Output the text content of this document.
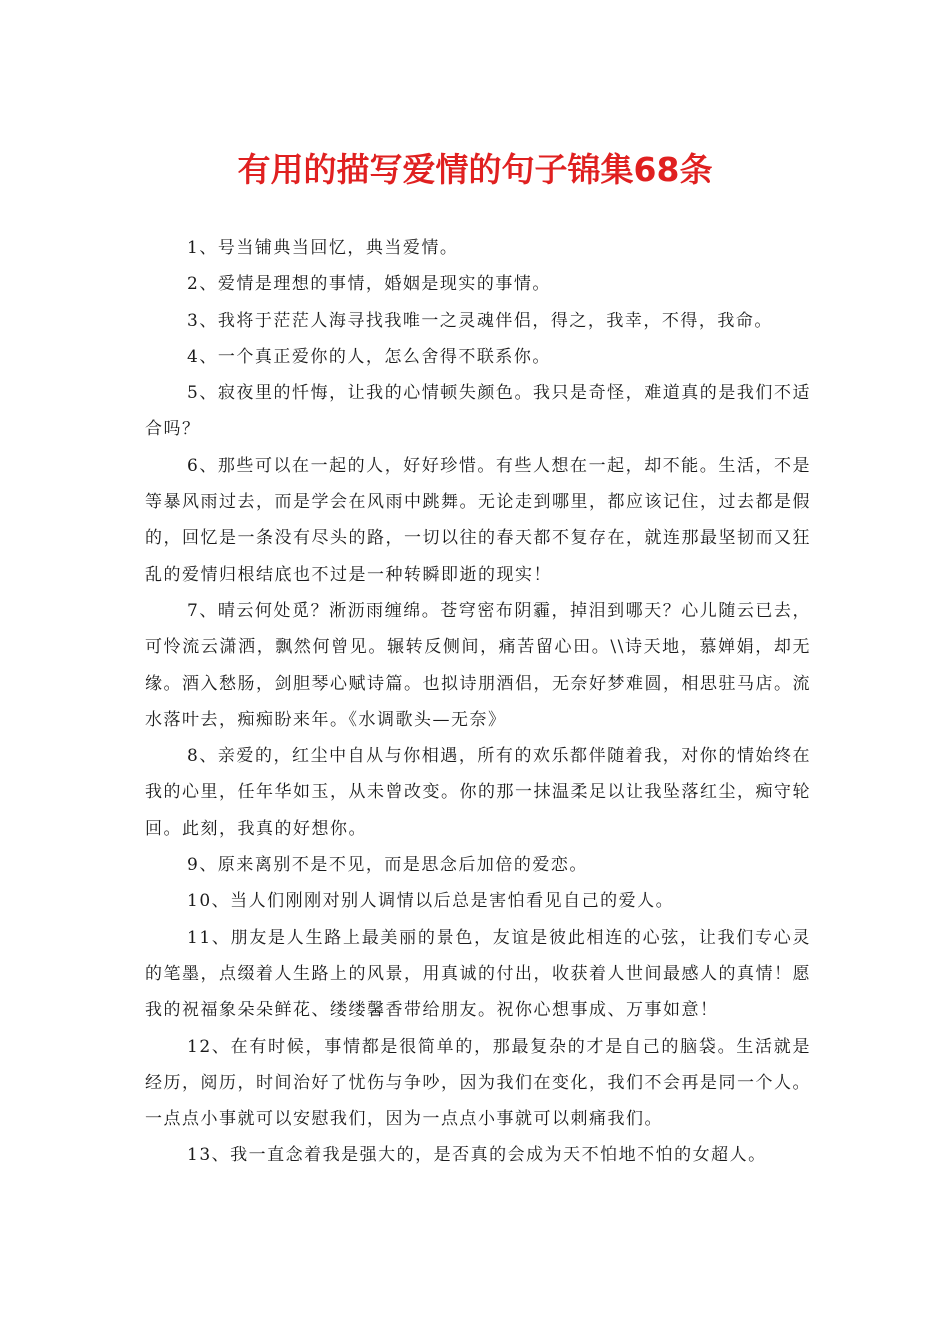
有用的描写爱情的句子锦集68条

1、号当铺典当回忆，典当爱情。

2、爱情是理想的事情，婚姻是现实的事情。

3、我将于茫茫人海寻找我唯一之灵魂伴侣，得之，我幸，不得，我命。

4、一个真正爱你的人，怎么舍得不联系你。

5、寂夜里的忏悔，让我的心情顿失颜色。我只是奇怪，难道真的是我们不适合吗？

6、那些可以在一起的人，好好珍惜。有些人想在一起，却不能。生活，不是等暴风雨过去，而是学会在风雨中跳舞。无论走到哪里，都应该记住，过去都是假的，回忆是一条没有尽头的路，一切以往的春天都不复存在，就连那最坚韧而又狂乱的爱情归根结底也不过是一种转瞬即逝的现实！

7、晴云何处觅？淅沥雨缠绵。苍穹密布阴霾，掉泪到哪天？心儿随云已去，可怜流云潇洒，飘然何曾见。辗转反侧间，痛苦留心田。\\诗天地，慕婵娟，却无缘。酒入愁肠，剑胆琴心赋诗篇。也拟诗朋酒侣，无奈好梦难圆，相思驻马店。流水落叶去，痴痴盼来年。《水调歌头—无奈》

8、亲爱的，红尘中自从与你相遇，所有的欢乐都伴随着我，对你的情始终在我的心里，任年华如玉，从未曾改变。你的那一抹温柔足以让我坠落红尘，痴守轮回。此刻，我真的好想你。

9、原来离别不是不见，而是思念后加倍的爱恋。

10、当人们刚刚对别人调情以后总是害怕看见自己的爱人。

11、朋友是人生路上最美丽的景色，友谊是彼此相连的心弦，让我们专心灵的笔墨，点缀着人生路上的风景，用真诚的付出，收获着人世间最感人的真情！愿我的祝福象朵朵鲜花、缕缕馨香带给朋友。祝你心想事成、万事如意！

12、在有时候，事情都是很简单的，那最复杂的才是自己的脑袋。生活就是经历，阅历，时间治好了忧伤与争吵，因为我们在变化，我们不会再是同一个人。一点点小事就可以安慰我们，因为一点点小事就可以刺痛我们。

13、我一直念着我是强大的，是否真的会成为天不怕地不怕的女超人。
